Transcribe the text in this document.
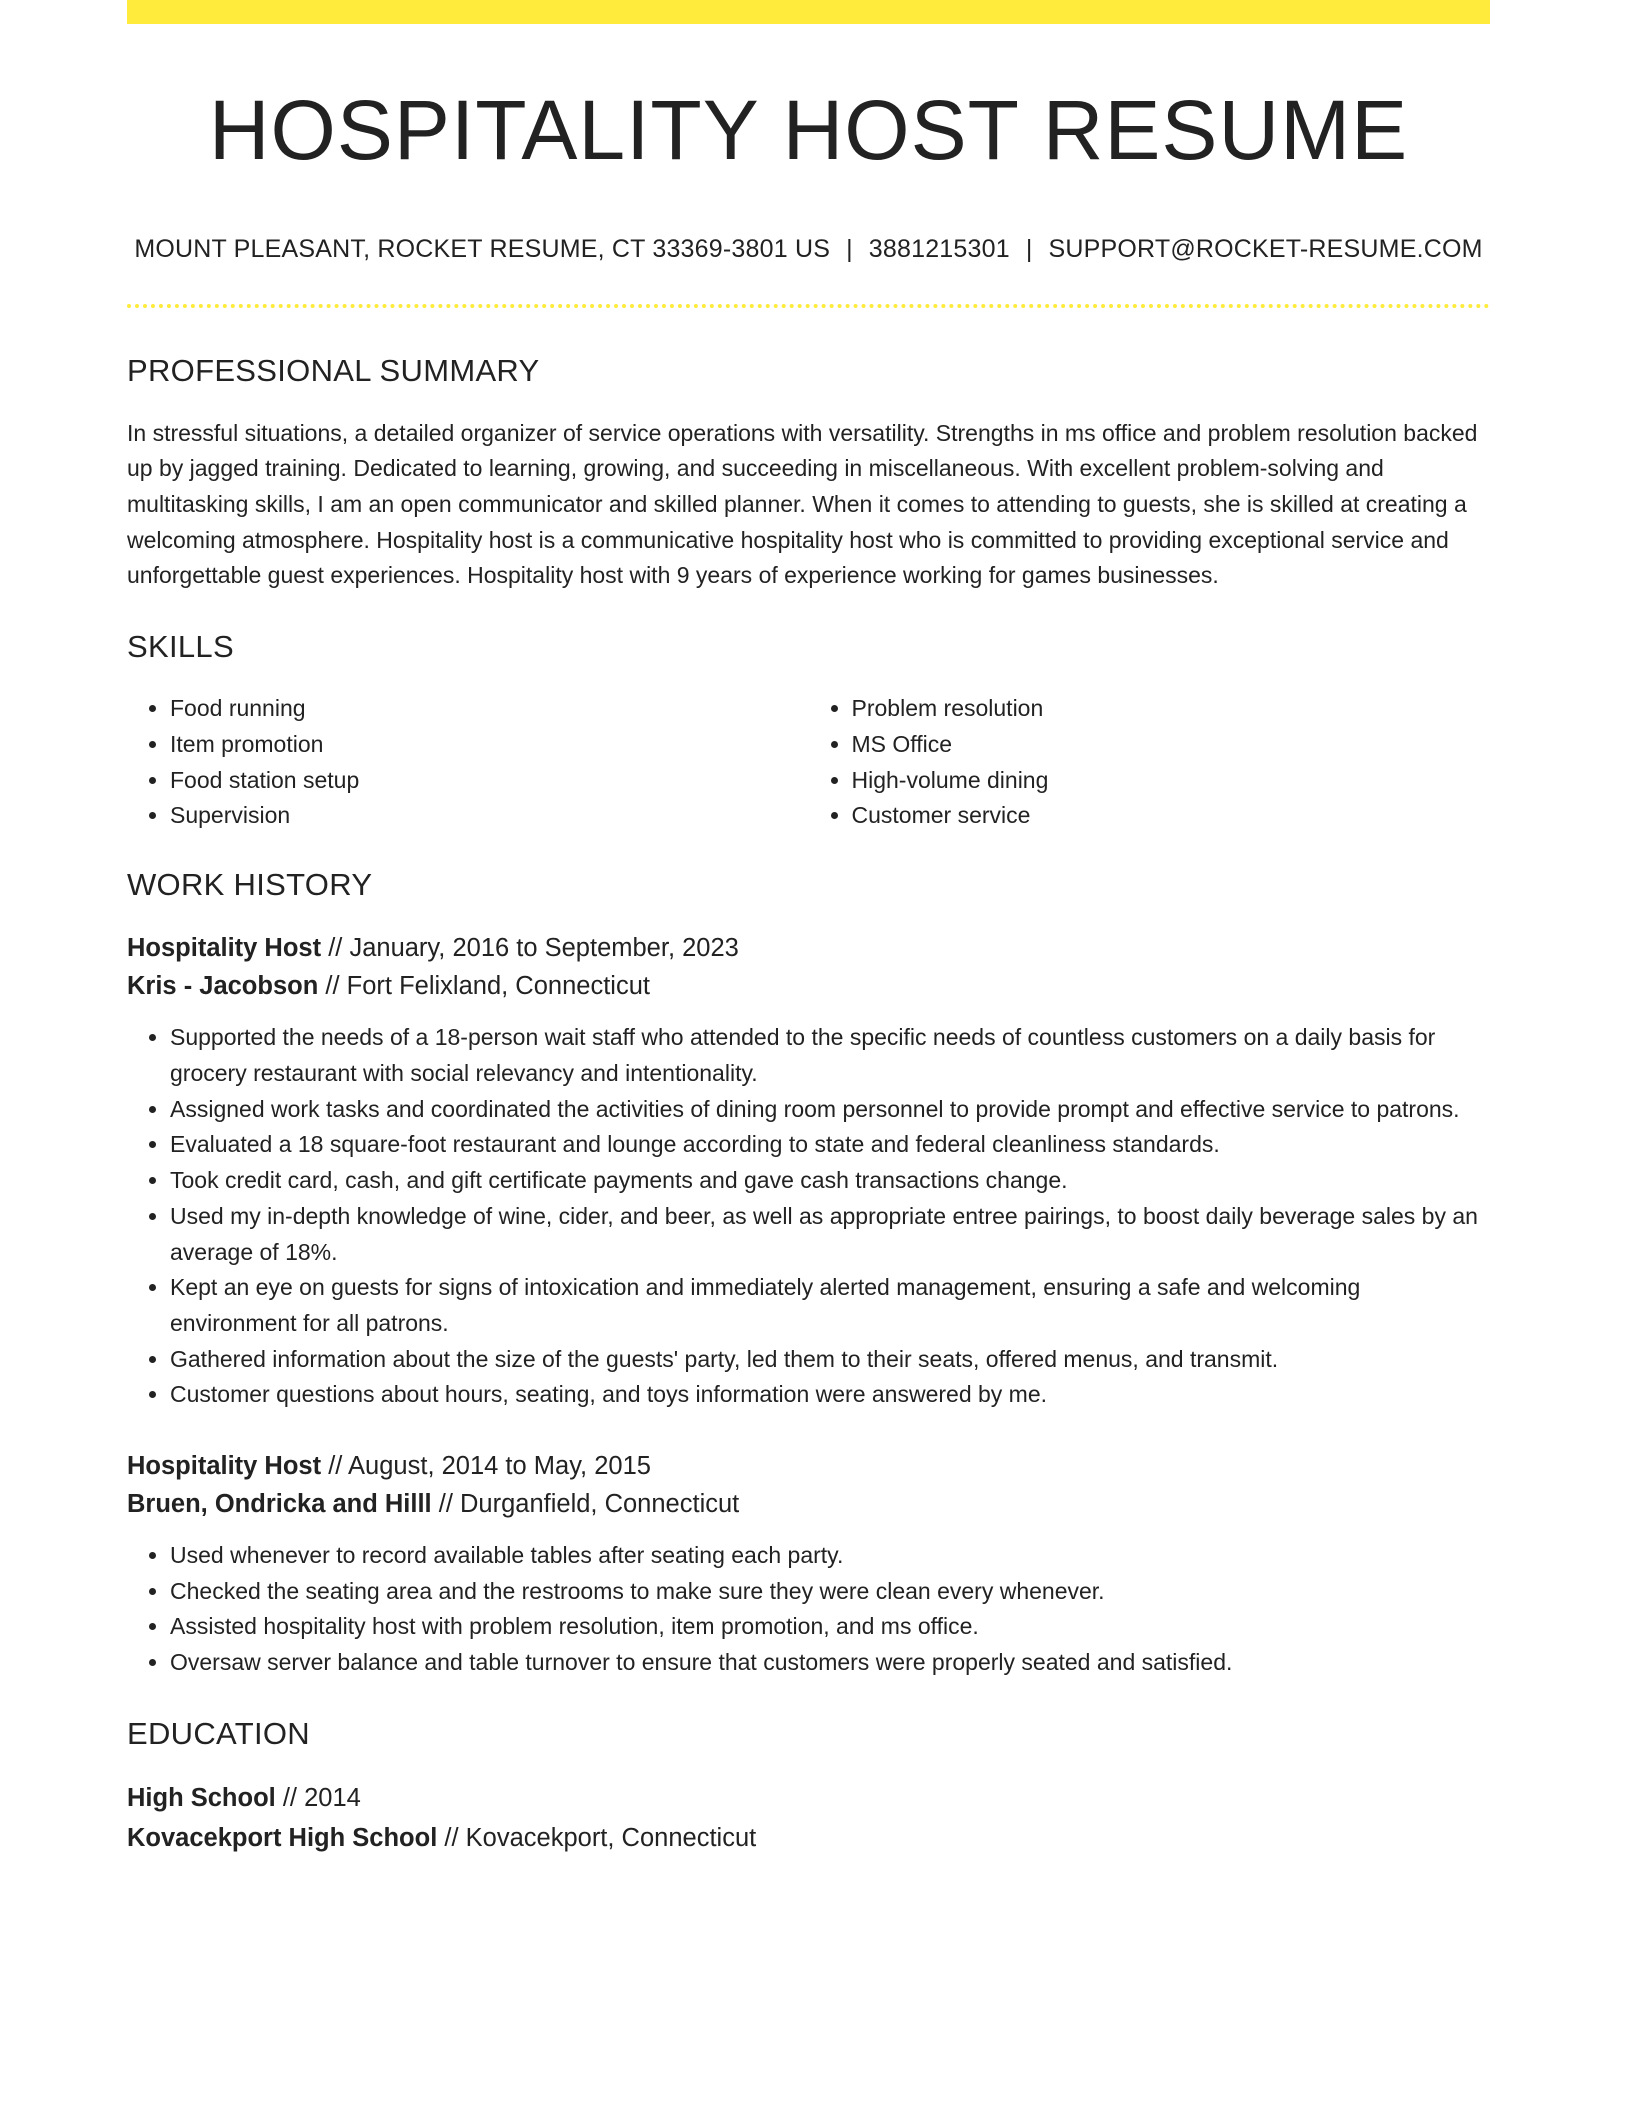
HOSPITALITY HOST RESUME
MOUNT PLEASANT, ROCKET RESUME, CT 33369-3801 US | 3881215301 | SUPPORT@ROCKET-RESUME.COM
PROFESSIONAL SUMMARY
In stressful situations, a detailed organizer of service operations with versatility. Strengths in ms office and problem resolution backed up by jagged training. Dedicated to learning, growing, and succeeding in miscellaneous. With excellent problem-solving and multitasking skills, I am an open communicator and skilled planner. When it comes to attending to guests, she is skilled at creating a welcoming atmosphere. Hospitality host is a communicative hospitality host who is committed to providing exceptional service and unforgettable guest experiences. Hospitality host with 9 years of experience working for games businesses.
SKILLS
• Food running
• Item promotion
• Food station setup
• Supervision
• Problem resolution
• MS Office
• High-volume dining
• Customer service
WORK HISTORY
Hospitality Host // January, 2016 to September, 2023
Kris - Jacobson // Fort Felixland, Connecticut
• Supported the needs of a 18-person wait staff who attended to the specific needs of countless customers on a daily basis for grocery restaurant with social relevancy and intentionality.
• Assigned work tasks and coordinated the activities of dining room personnel to provide prompt and effective service to patrons.
• Evaluated a 18 square-foot restaurant and lounge according to state and federal cleanliness standards.
• Took credit card, cash, and gift certificate payments and gave cash transactions change.
• Used my in-depth knowledge of wine, cider, and beer, as well as appropriate entree pairings, to boost daily beverage sales by an average of 18%.
• Kept an eye on guests for signs of intoxication and immediately alerted management, ensuring a safe and welcoming environment for all patrons.
• Gathered information about the size of the guests' party, led them to their seats, offered menus, and transmit.
• Customer questions about hours, seating, and toys information were answered by me.
Hospitality Host // August, 2014 to May, 2015
Bruen, Ondricka and Hilll // Durganfield, Connecticut
• Used whenever to record available tables after seating each party.
• Checked the seating area and the restrooms to make sure they were clean every whenever.
• Assisted hospitality host with problem resolution, item promotion, and ms office.
• Oversaw server balance and table turnover to ensure that customers were properly seated and satisfied.
EDUCATION
High School // 2014
Kovacekport High School // Kovacekport, Connecticut
